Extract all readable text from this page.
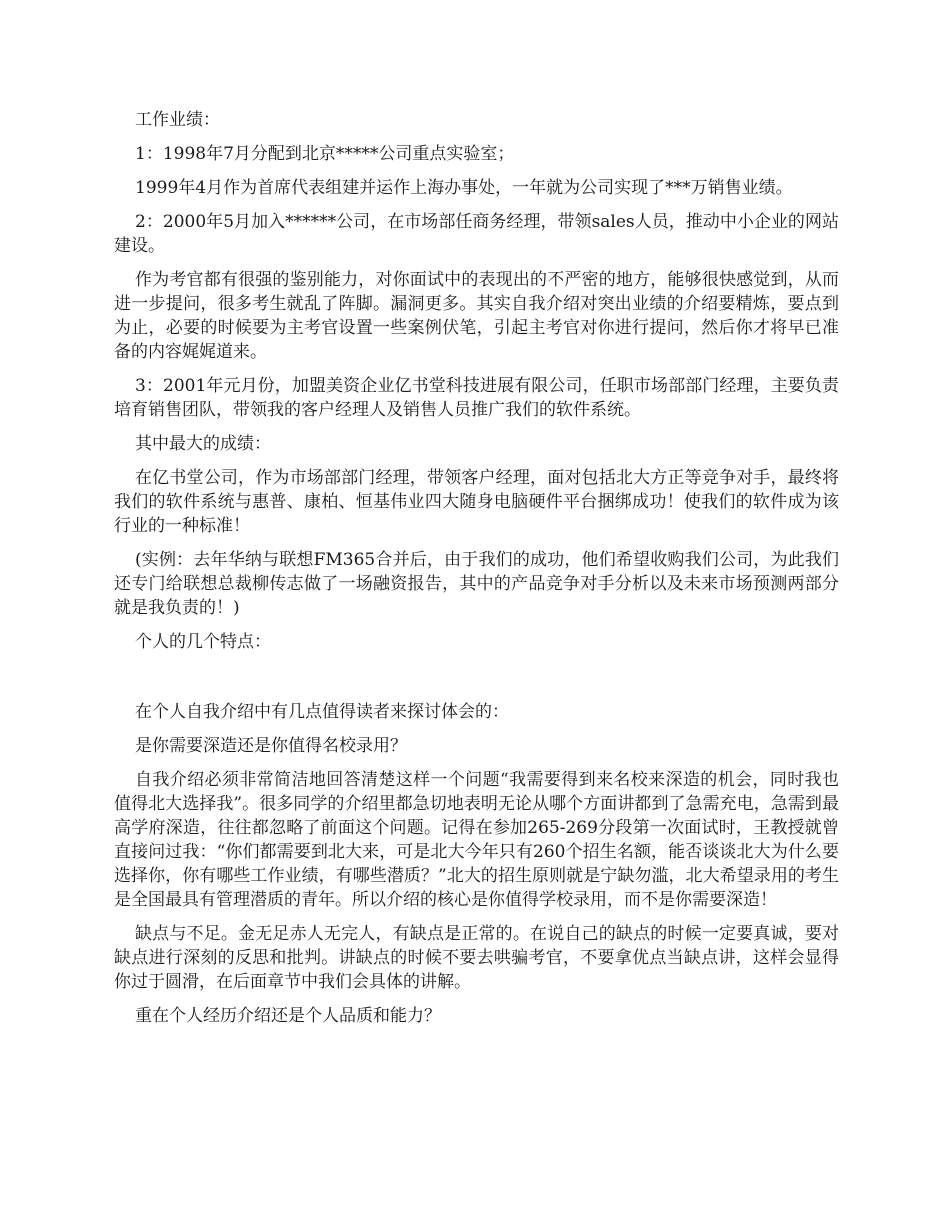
工作业绩：

1：1998年7月分配到北京*****公司重点实验室；

1999年4月作为首席代表组建并运作上海办事处，一年就为公司实现了***万销售业绩。

2：2000年5月加入******公司，在市场部任商务经理，带领sales人员，推动中小企业的网站建设。

作为考官都有很强的鉴别能力，对你面试中的表现出的不严密的地方，能够很快感觉到，从而进一步提问，很多考生就乱了阵脚。漏洞更多。其实自我介绍对突出业绩的介绍要精炼，要点到为止，必要的时候要为主考官设置一些案例伏笔，引起主考官对你进行提问，然后你才将早已准备的内容娓娓道来。

3：2001年元月份，加盟美资企业亿书堂科技进展有限公司，任职市场部部门经理，主要负责培育销售团队，带领我的客户经理人及销售人员推广我们的软件系统。

其中最大的成绩：

在亿书堂公司，作为市场部部门经理，带领客户经理，面对包括北大方正等竞争对手，最终将我们的软件系统与惠普、康柏、恒基伟业四大随身电脑硬件平台捆绑成功！使我们的软件成为该行业的一种标准！

(实例：去年华纳与联想FM365合并后，由于我们的成功，他们希望收购我们公司，为此我们还专门给联想总裁柳传志做了一场融资报告，其中的产品竞争对手分析以及未来市场预测两部分就是我负责的！)

个人的几个特点：

在个人自我介绍中有几点值得读者来探讨体会的：

是你需要深造还是你值得名校录用？

自我介绍必须非常简洁地回答清楚这样一个问题“我需要得到来名校来深造的机会，同时我也值得北大选择我”。很多同学的介绍里都急切地表明无论从哪个方面讲都到了急需充电，急需到最高学府深造，往往都忽略了前面这个问题。记得在参加265-269分段第一次面试时，王教授就曾直接问过我：“你们都需要到北大来，可是北大今年只有260个招生名额，能否谈谈北大为什么要选择你，你有哪些工作业绩，有哪些潜质？”北大的招生原则就是宁缺勿滥，北大希望录用的考生是全国最具有管理潜质的青年。所以介绍的核心是你值得学校录用，而不是你需要深造！

缺点与不足。金无足赤人无完人，有缺点是正常的。在说自己的缺点的时候一定要真诚，要对缺点进行深刻的反思和批判。讲缺点的时候不要去哄骗考官，不要拿优点当缺点讲，这样会显得你过于圆滑，在后面章节中我们会具体的讲解。

重在个人经历介绍还是个人品质和能力？
